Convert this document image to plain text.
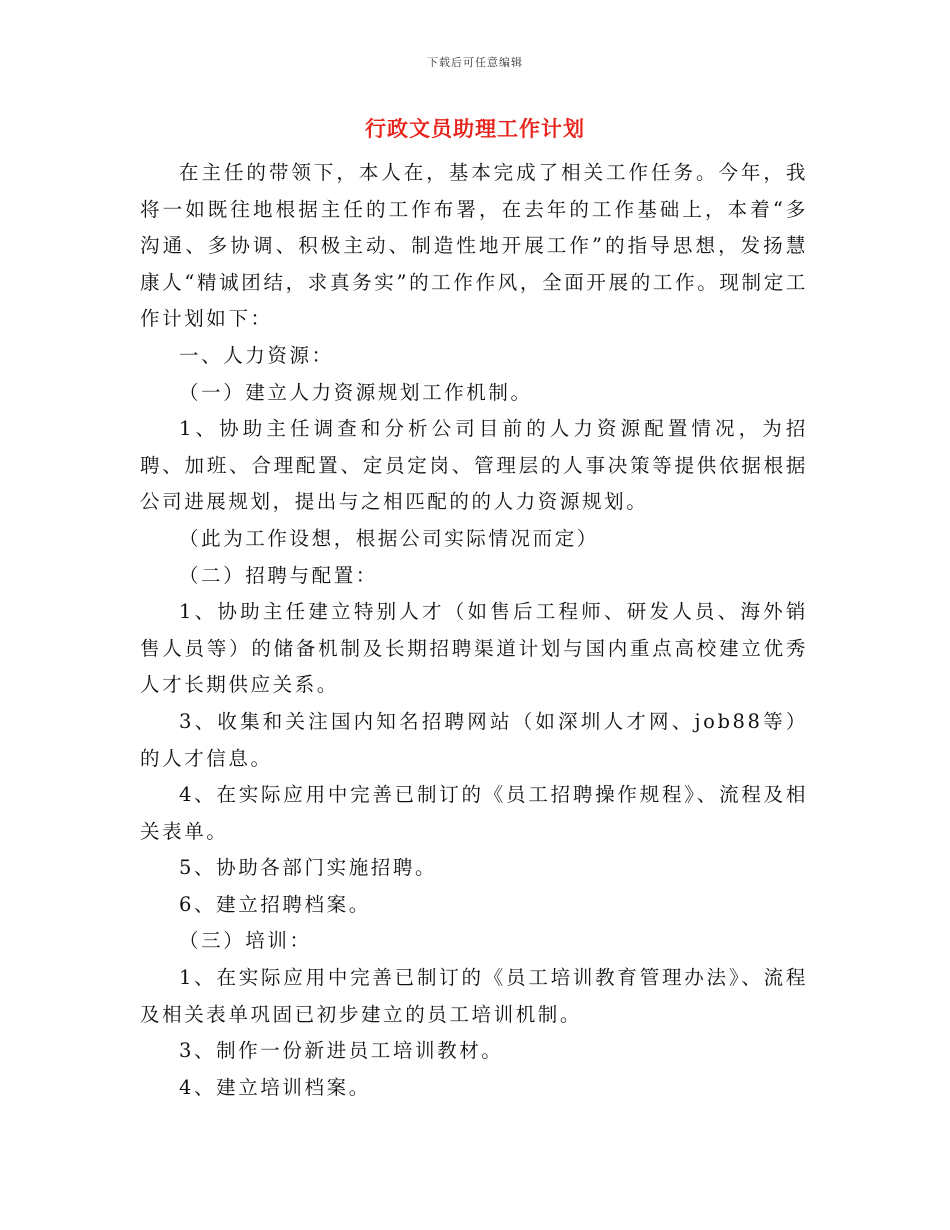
下载后可任意编辑
行政文员助理工作计划

在主任的带领下，本人在，基本完成了相关工作任务。今年，我将一如既往地根据主任的工作布署，在去年的工作基础上，本着“多沟通、多协调、积极主动、制造性地开展工作”的指导思想，发扬慧康人“精诚团结，求真务实”的工作作风，全面开展的工作。现制定工作计划如下：

一、人力资源：

（一）建立人力资源规划工作机制。

1、协助主任调查和分析公司目前的人力资源配置情况，为招聘、加班、合理配置、定员定岗、管理层的人事决策等提供依据根据公司进展规划，提出与之相匹配的的人力资源规划。

（此为工作设想，根据公司实际情况而定）

（二）招聘与配置：

1、协助主任建立特别人才（如售后工程师、研发人员、海外销售人员等）的储备机制及长期招聘渠道计划与国内重点高校建立优秀人才长期供应关系。

3、收集和关注国内知名招聘网站（如深圳人才网、job88等）的人才信息。

4、在实际应用中完善已制订的《员工招聘操作规程》、流程及相关表单。

5、协助各部门实施招聘。

6、建立招聘档案。

（三）培训：

1、在实际应用中完善已制订的《员工培训教育管理办法》、流程及相关表单巩固已初步建立的员工培训机制。

3、制作一份新进员工培训教材。

4、建立培训档案。
